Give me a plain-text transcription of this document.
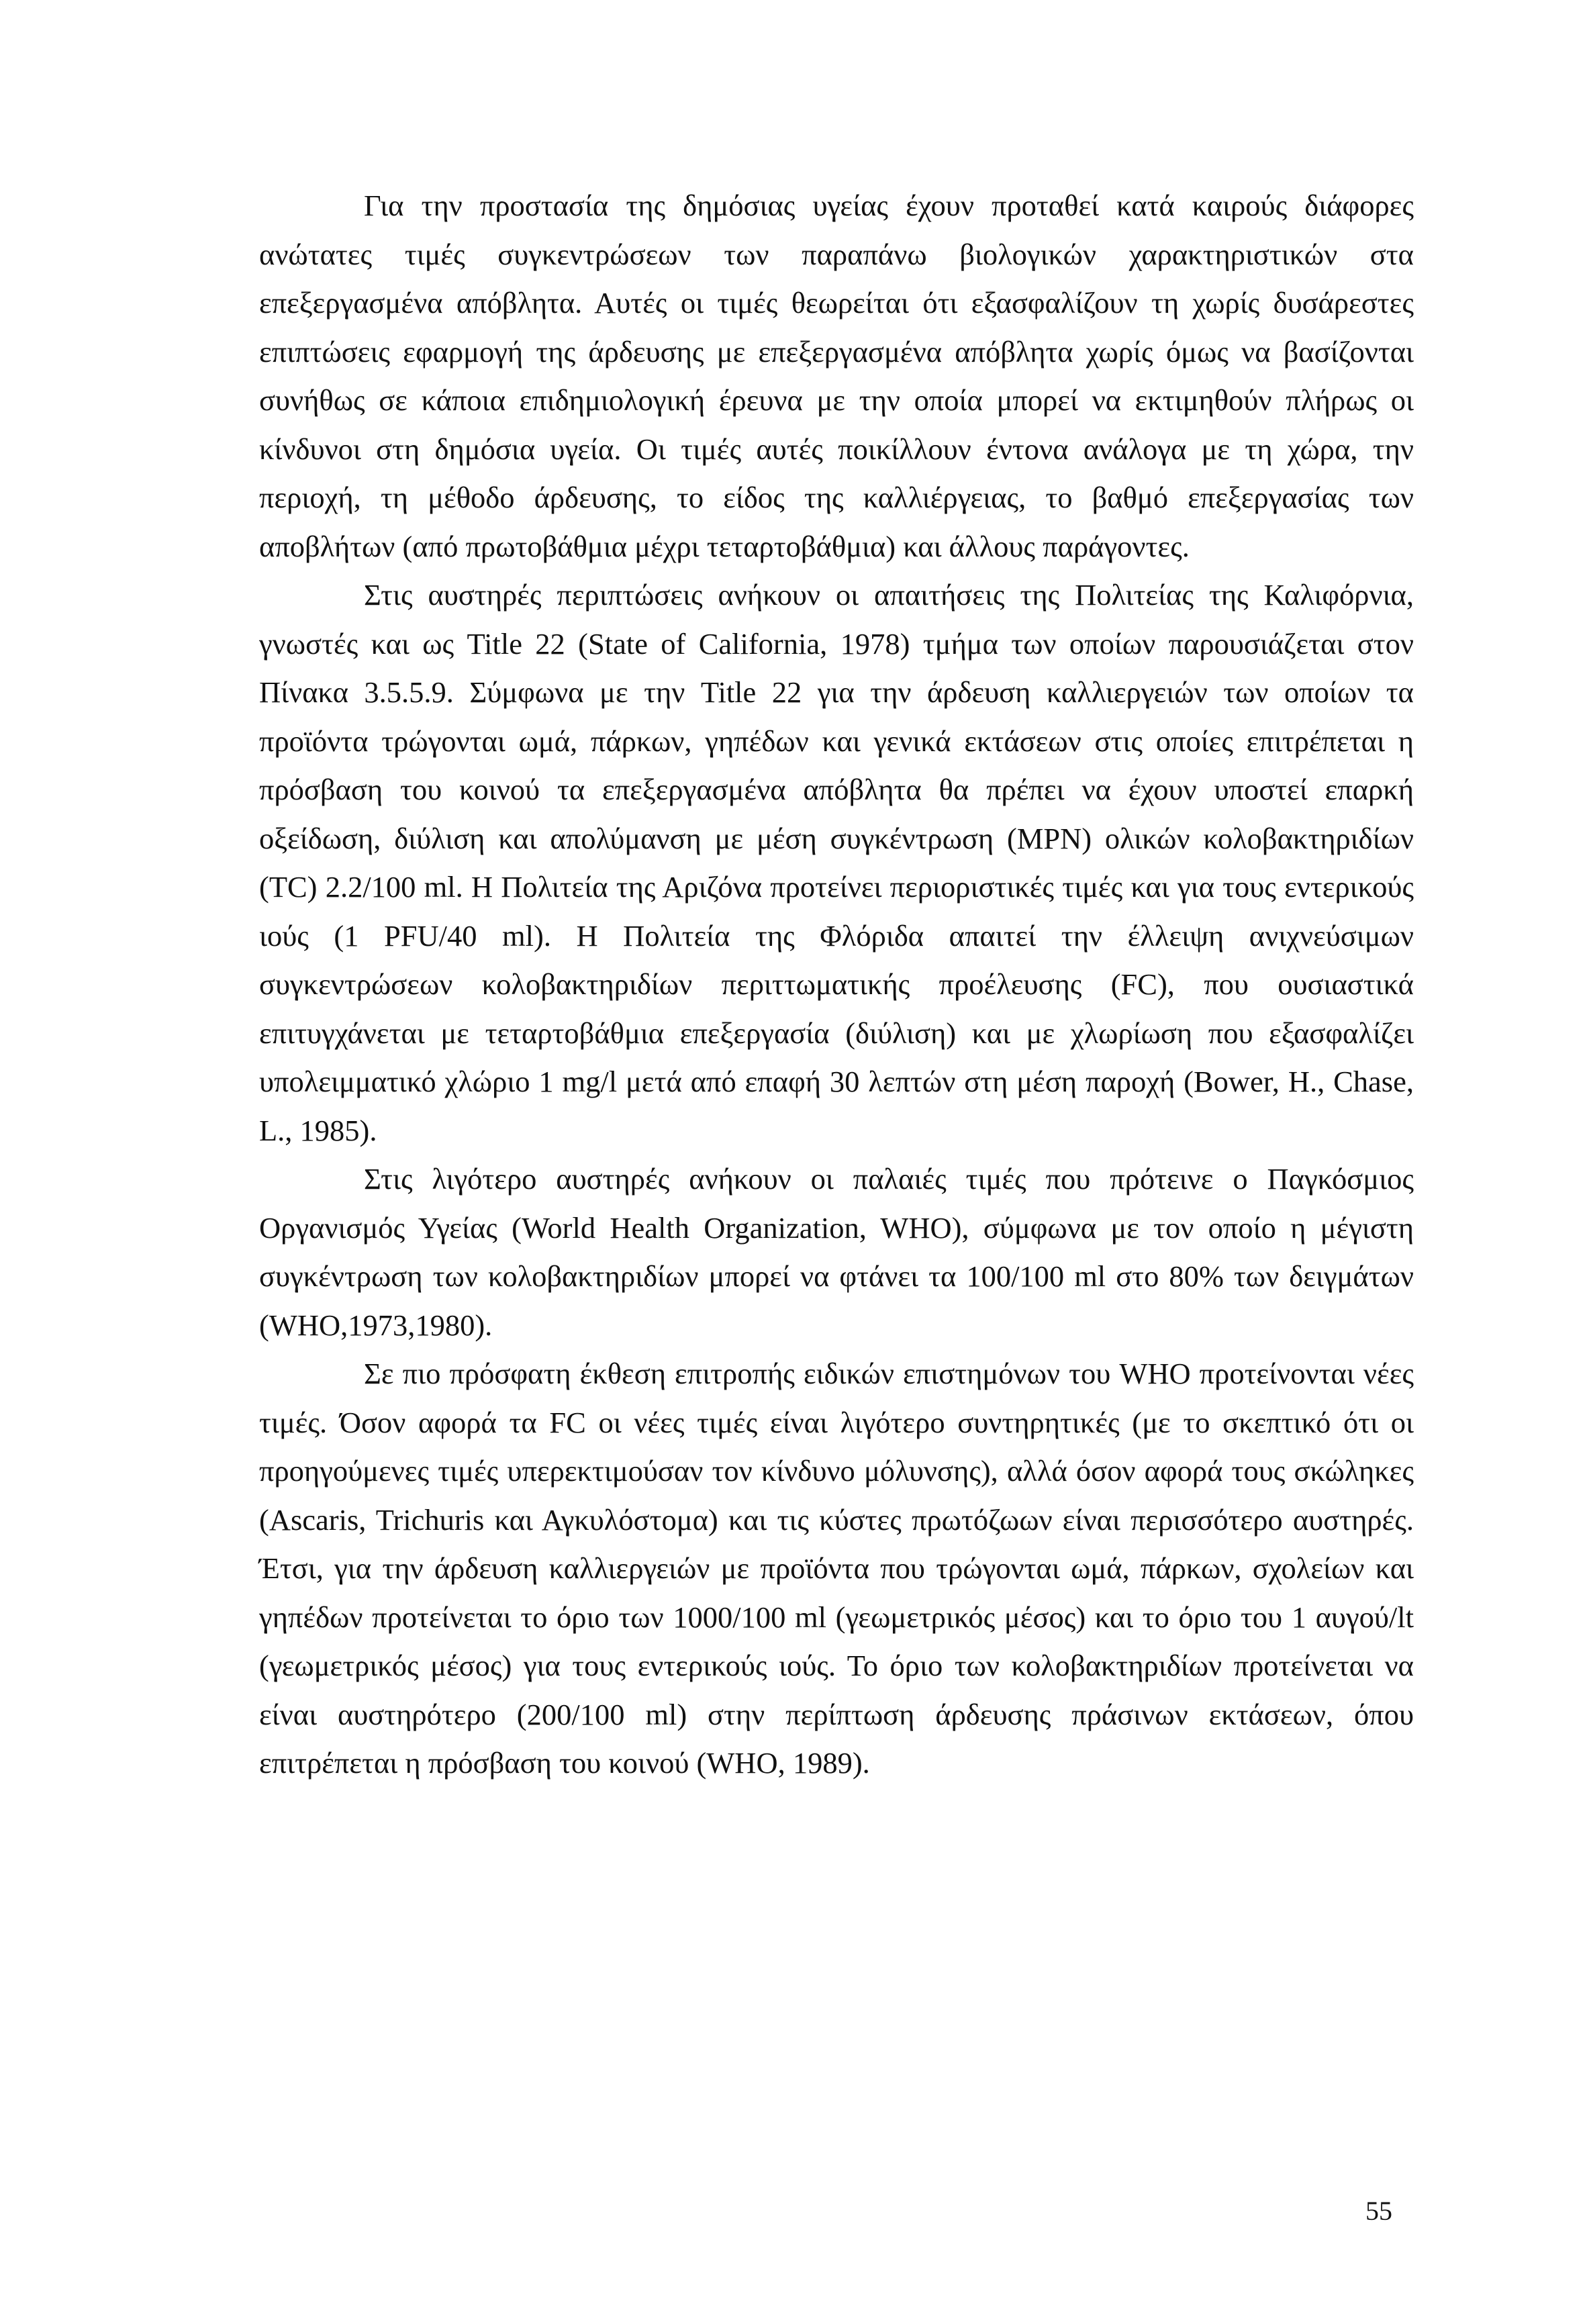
Για την προστασία της δημόσιας υγείας έχουν προταθεί κατά καιρούς διάφορες ανώτατες τιμές συγκεντρώσεων των παραπάνω βιολογικών χαρακτηριστικών στα επεξεργασμένα απόβλητα. Αυτές οι τιμές θεωρείται ότι εξασφαλίζουν τη χωρίς δυσάρεστες επιπτώσεις εφαρμογή της άρδευσης με επεξεργασμένα απόβλητα χωρίς όμως να βασίζονται συνήθως σε κάποια επιδημιολογική έρευνα με την οποία μπορεί να εκτιμηθούν πλήρως οι κίνδυνοι στη δημόσια υγεία. Οι τιμές αυτές ποικίλλουν έντονα ανάλογα με τη χώρα, την περιοχή, τη μέθοδο άρδευσης, το είδος της καλλιέργειας, το βαθμό επεξεργασίας των αποβλήτων (από πρωτοβάθμια μέχρι τεταρτοβάθμια) και άλλους παράγοντες.

Στις αυστηρές περιπτώσεις ανήκουν οι απαιτήσεις της Πολιτείας της Καλιφόρνια, γνωστές και ως Title 22 (State of California, 1978) τμήμα των οποίων παρουσιάζεται στον Πίνακα 3.5.5.9. Σύμφωνα με την Title 22 για την άρδευση καλλιεργειών των οποίων τα προϊόντα τρώγονται ωμά, πάρκων, γηπέδων και γενικά εκτάσεων στις οποίες επιτρέπεται η πρόσβαση του κοινού τα επεξεργασμένα απόβλητα θα πρέπει να έχουν υποστεί επαρκή οξείδωση, διύλιση και απολύμανση με μέση συγκέντρωση (MPN) ολικών κολοβακτηριδίων (TC) 2.2/100 ml. Η Πολιτεία της Αριζόνα προτείνει περιοριστικές τιμές και για τους εντερικούς ιούς (1 PFU/40 ml). Η Πολιτεία της Φλόριδα απαιτεί την έλλειψη ανιχνεύσιμων συγκεντρώσεων κολοβακτηριδίων περιττωματικής προέλευσης (FC), που ουσιαστικά επιτυγχάνεται με τεταρτοβάθμια επεξεργασία (διύλιση) και με χλωρίωση που εξασφαλίζει υπολειμματικό χλώριο 1 mg/l μετά από επαφή 30 λεπτών στη μέση παροχή (Bower, H., Chase, L., 1985).

Στις λιγότερο αυστηρές ανήκουν οι παλαιές τιμές που πρότεινε ο Παγκόσμιος Οργανισμός Υγείας (World Health Organization, WHO), σύμφωνα με τον οποίο η μέγιστη συγκέντρωση των κολοβακτηριδίων μπορεί να φτάνει τα 100/100 ml στο 80% των δειγμάτων (WHO,1973,1980).

Σε πιο πρόσφατη έκθεση επιτροπής ειδικών επιστημόνων του WHO προτείνονται νέες τιμές. Όσον αφορά τα FC οι νέες τιμές είναι λιγότερο συντηρητικές (με το σκεπτικό ότι οι προηγούμενες τιμές υπερεκτιμούσαν τον κίνδυνο μόλυνσης), αλλά όσον αφορά τους σκώληκες (Ascaris, Trichuris και Αγκυλόστομα) και τις κύστες πρωτόζωων είναι περισσότερο αυστηρές. Έτσι, για την άρδευση καλλιεργειών με προϊόντα που τρώγονται ωμά, πάρκων, σχολείων και γηπέδων προτείνεται το όριο των 1000/100 ml (γεωμετρικός μέσος) και το όριο του 1 αυγού/lt (γεωμετρικός μέσος) για τους εντερικούς ιούς. Το όριο των κολοβακτηριδίων προτείνεται να είναι αυστηρότερο (200/100 ml) στην περίπτωση άρδευσης πράσινων εκτάσεων, όπου επιτρέπεται η πρόσβαση του κοινού (WHO, 1989).

55
